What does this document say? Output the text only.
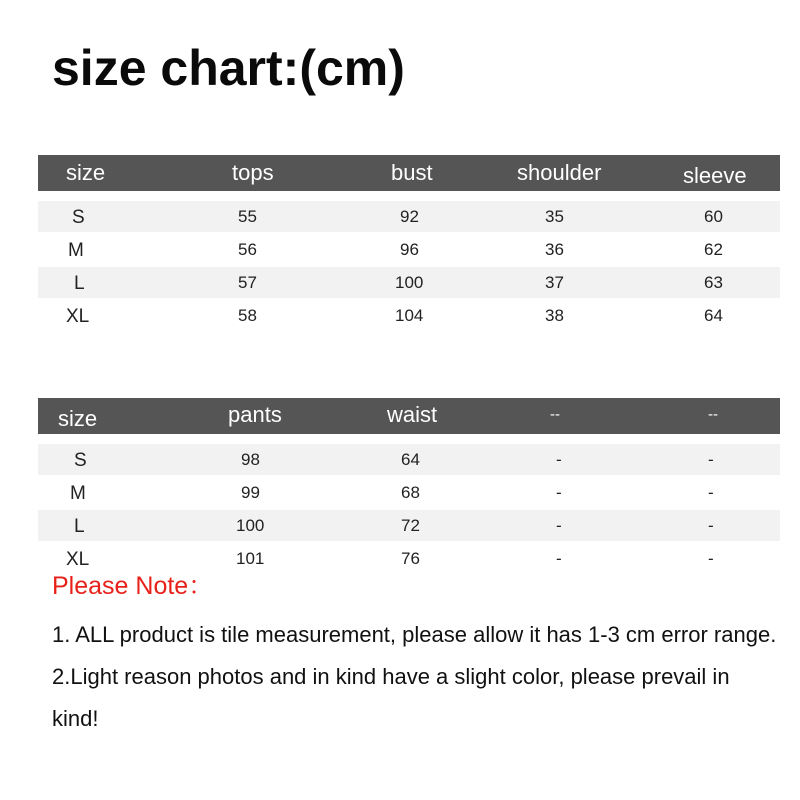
size chart:(cm)
size	tops	bust	shoulder	sleeve
S	55	92	35	60
M	56	96	36	62
L	57	100	37	63
XL	58	104	38	64
size	pants	waist	--	--
S	98	64	-	-
M	99	68	-	-
L	100	72	-	-
XL	101	76	-	-
Please Note：

1. ALL product is tile measurement, please allow it has 1-3 cm error range.

2.Light reason photos and in kind have a slight color, please prevail in kind!
